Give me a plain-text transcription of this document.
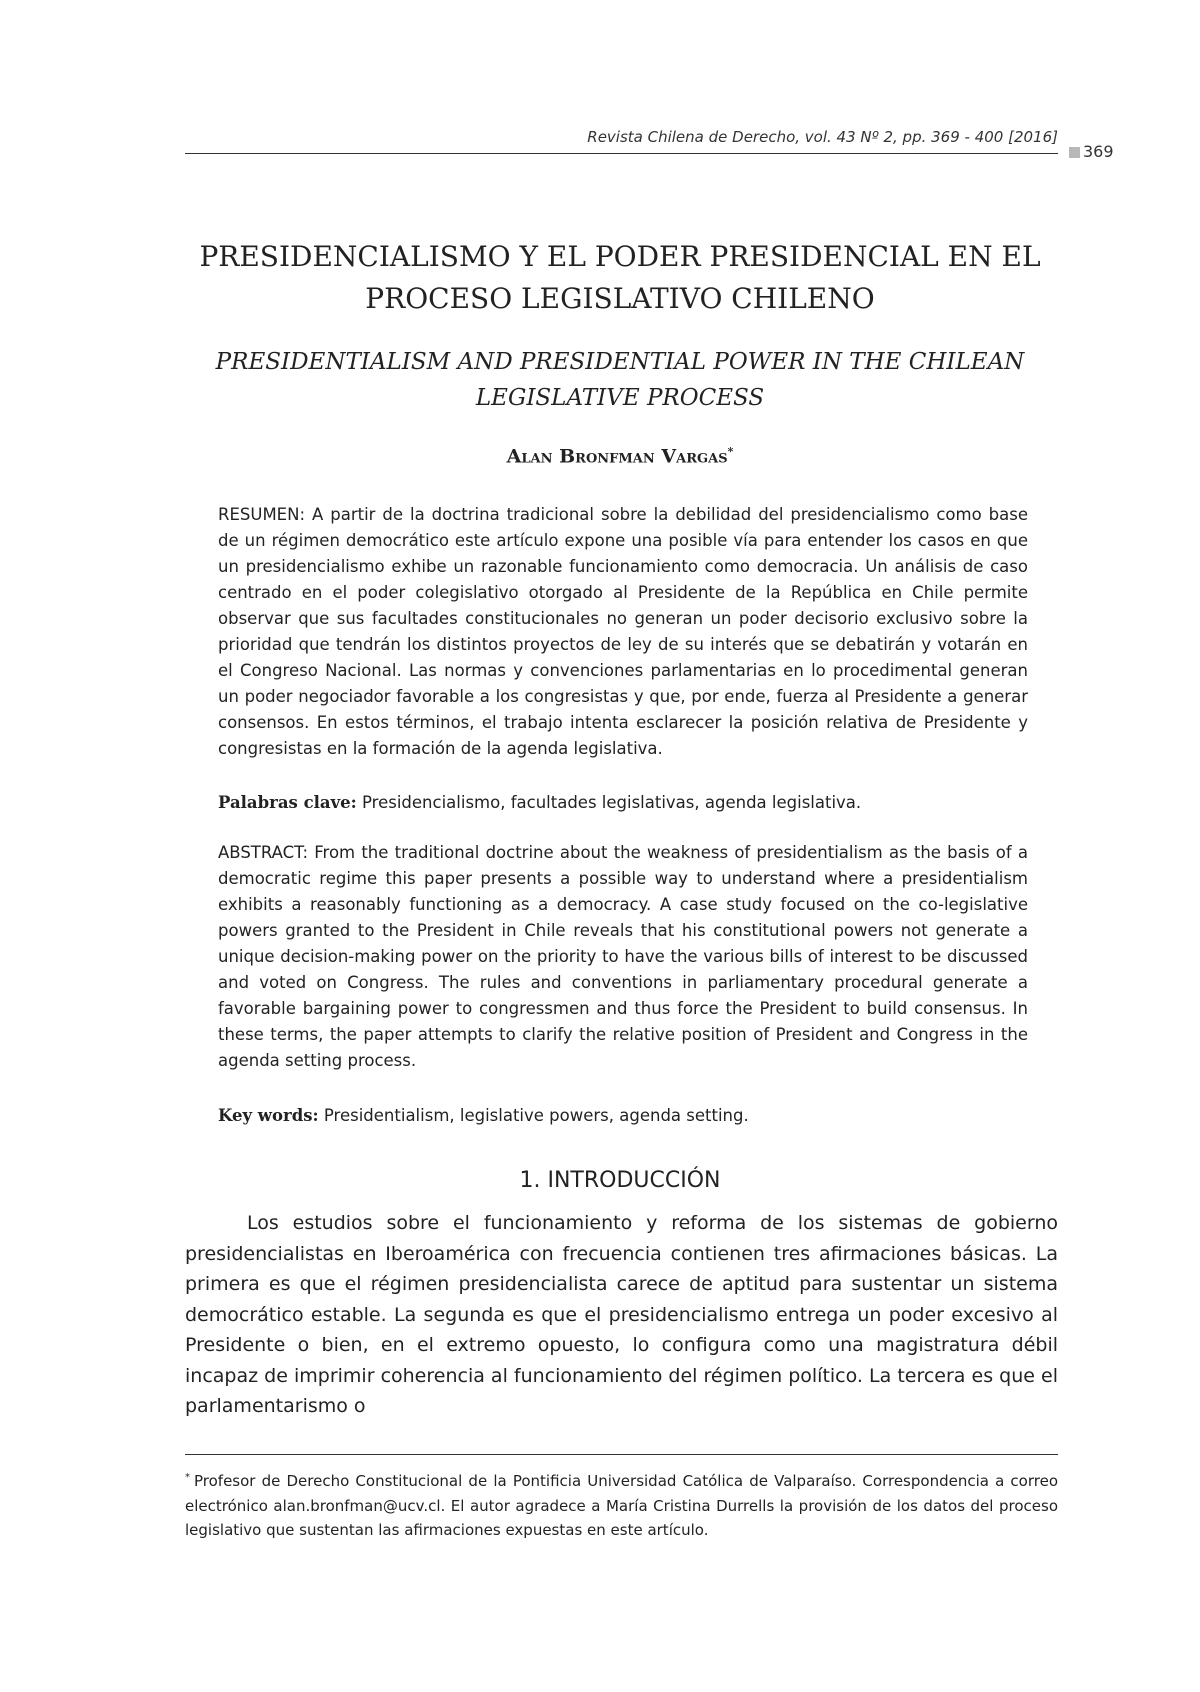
Revista Chilena de Derecho, vol. 43 Nº 2, pp. 369 - 400 [2016]
369
PRESIDENCIALISMO Y EL PODER PRESIDENCIAL EN EL PROCESO LEGISLATIVO CHILENO
PRESIDENTIALISM AND PRESIDENTIAL POWER IN THE CHILEAN LEGISLATIVE PROCESS
Alan Bronfman Vargas*

RESUMEN: A partir de la doctrina tradicional sobre la debilidad del presidencialismo como base de un régimen democrático este artículo expone una posible vía para entender los casos en que un presidencialismo exhibe un razonable funcionamiento como democracia. Un análisis de caso centrado en el poder colegislativo otorgado al Presidente de la República en Chile permite observar que sus facultades constitucionales no generan un poder decisorio exclusivo sobre la prioridad que tendrán los distintos proyectos de ley de su interés que se debatirán y votarán en el Congreso Nacional. Las normas y convenciones parlamentarias en lo procedimental generan un poder negociador favorable a los congresistas y que, por ende, fuerza al Presidente a generar consensos. En estos términos, el trabajo intenta esclarecer la posición relativa de Presidente y congresistas en la formación de la agenda legislativa.

Palabras clave: Presidencialismo, facultades legislativas, agenda legislativa.

ABSTRACT: From the traditional doctrine about the weakness of presidentialism as the basis of a democratic regime this paper presents a possible way to understand where a presidentialism exhibits a reasonably functioning as a democracy. A case study focused on the co-legislative powers granted to the President in Chile reveals that his constitutional powers not generate a unique decision-making power on the priority to have the various bills of interest to be discussed and voted on Congress. The rules and conventions in parliamentary procedural generate a favorable bargaining power to congressmen and thus force the President to build consensus. In these terms, the paper attempts to clarify the relative position of President and Congress in the agenda setting process.

Key words: Presidentialism, legislative powers, agenda setting.

1. INTRODUCCIÓN

Los estudios sobre el funcionamiento y reforma de los sistemas de gobierno presidencialistas en Iberoamérica con frecuencia contienen tres afirmaciones básicas. La primera es que el régimen presidencialista carece de aptitud para sustentar un sistema democrático estable. La segunda es que el presidencialismo entrega un poder excesivo al Presidente o bien, en el extremo opuesto, lo configura como una magistratura débil incapaz de imprimir coherencia al funcionamiento del régimen político. La tercera es que el parlamentarismo o

* Profesor de Derecho Constitucional de la Pontificia Universidad Católica de Valparaíso. Correspondencia a correo electrónico alan.bronfman@ucv.cl. El autor agradece a María Cristina Durrells la provisión de los datos del proceso legislativo que sustentan las afirmaciones expuestas en este artículo.
